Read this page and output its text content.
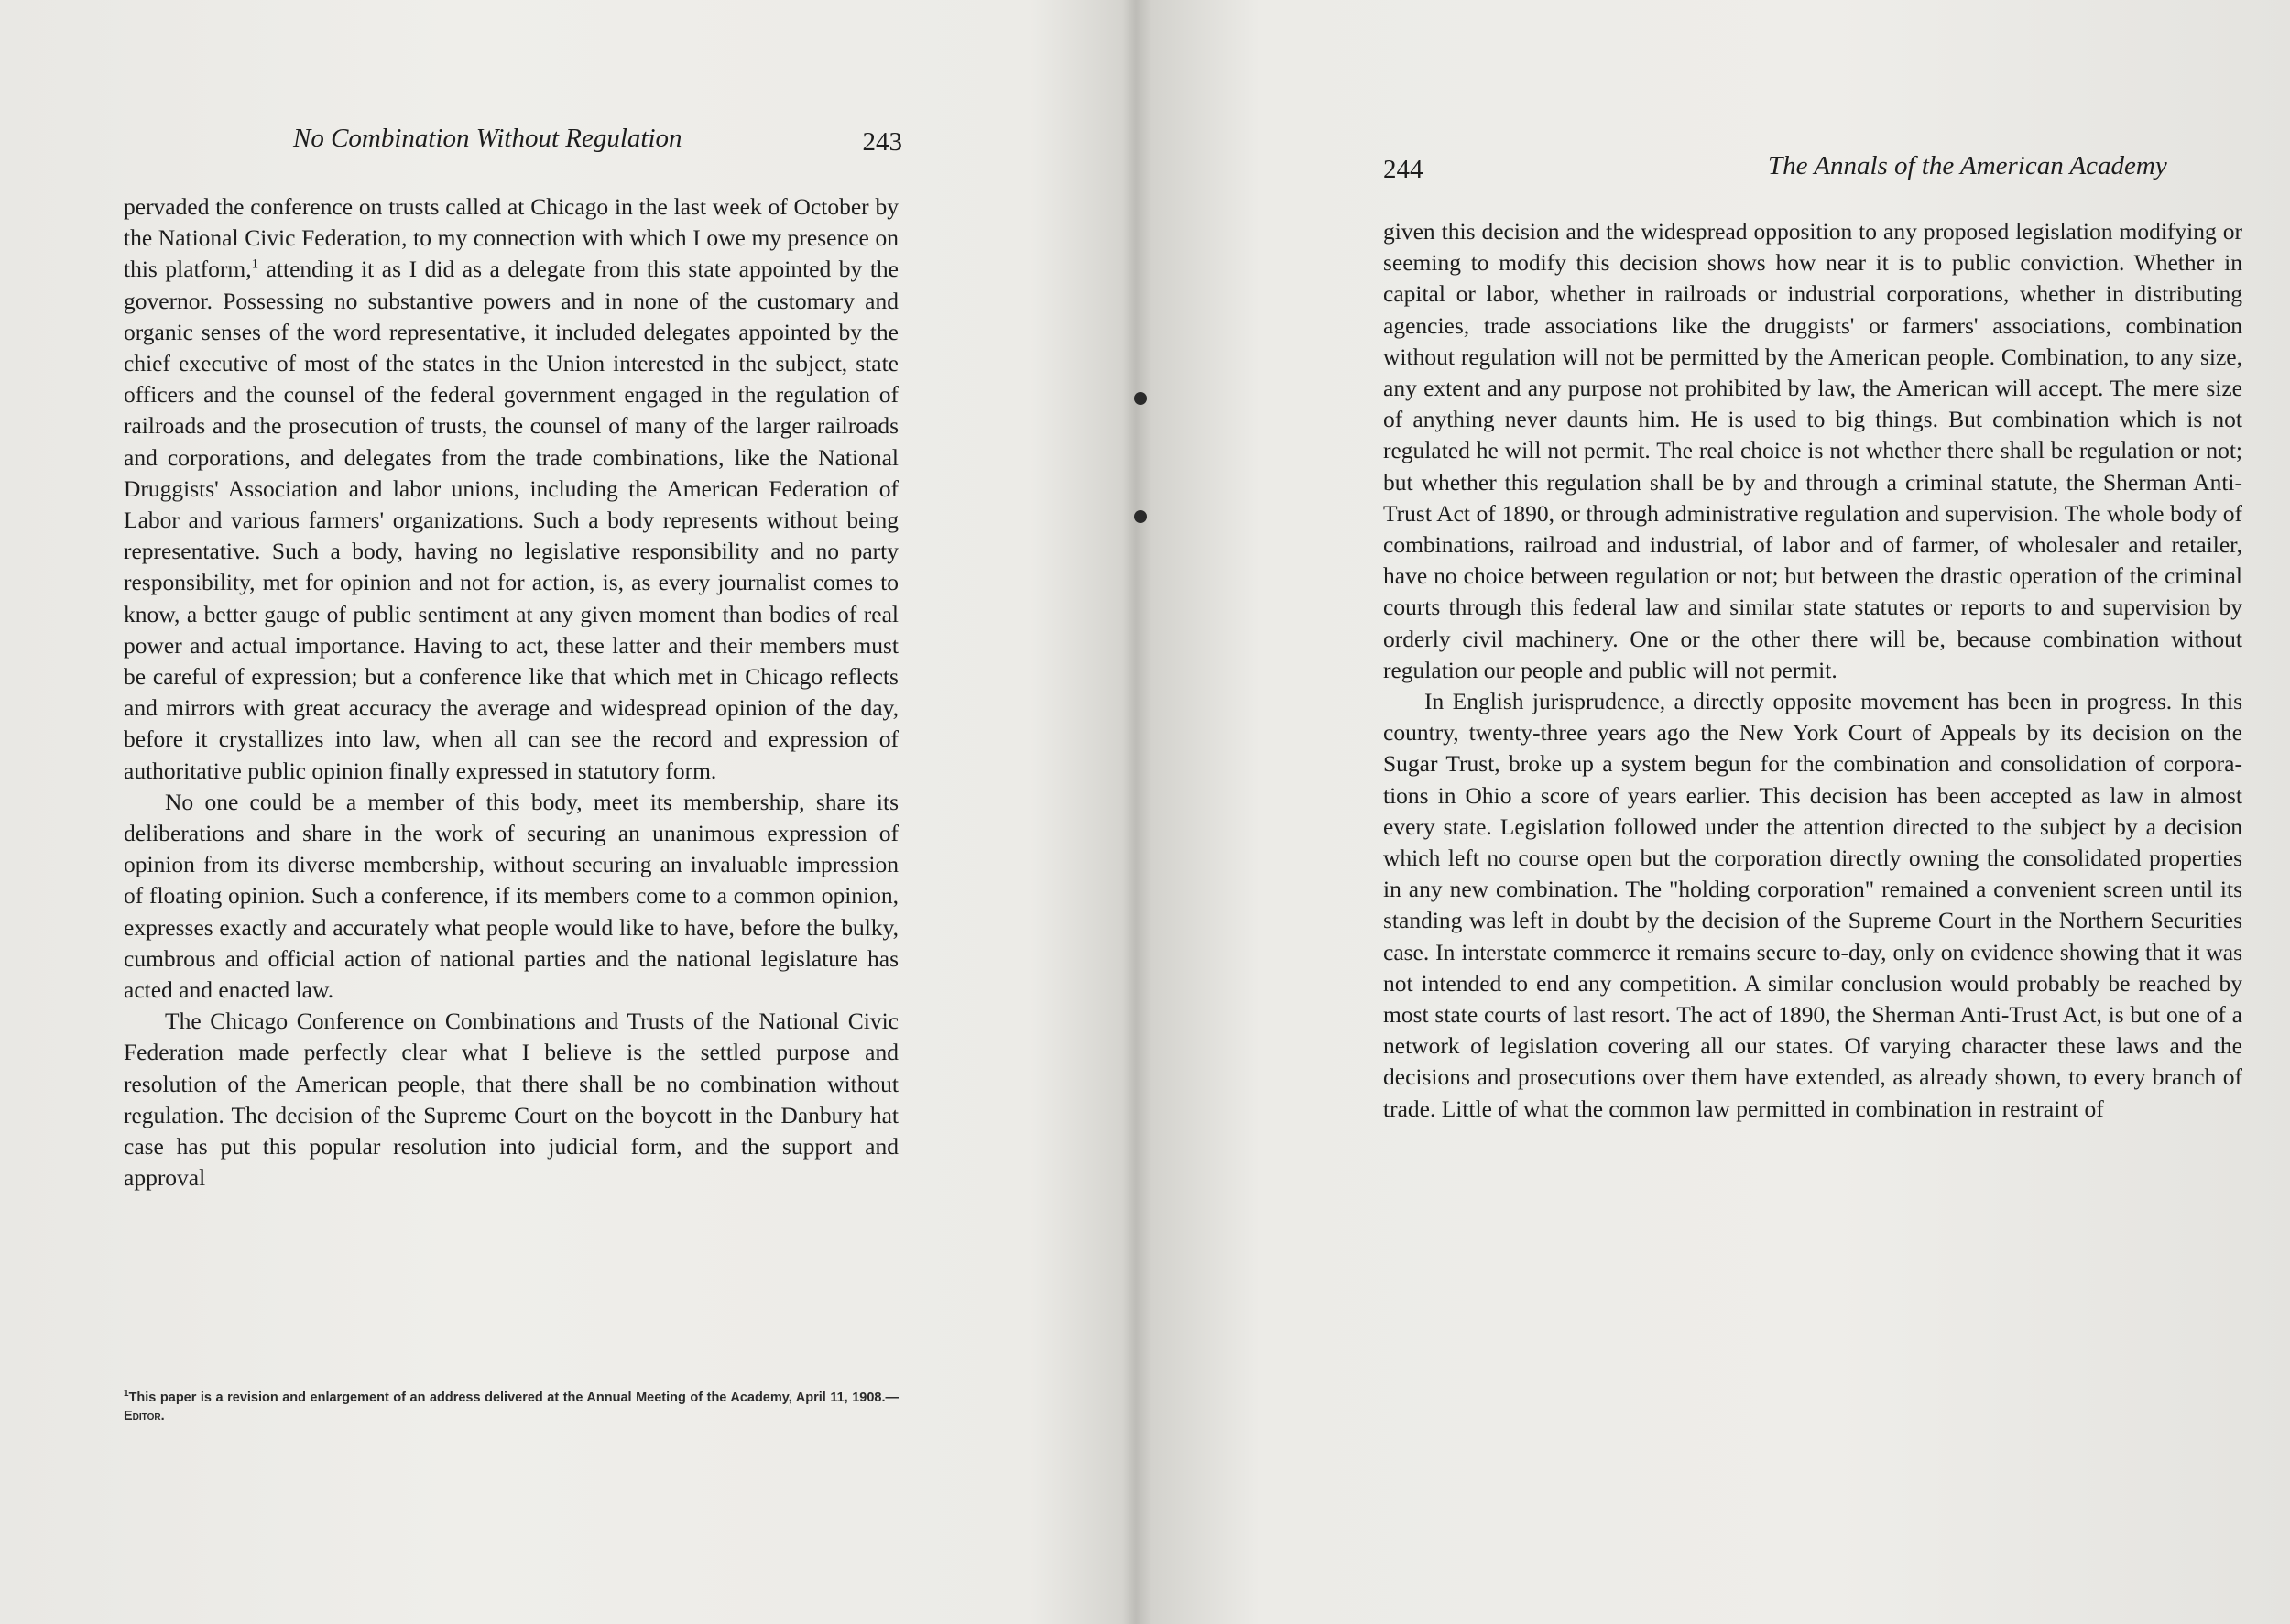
No Combination Without Regulation	243

pervaded the conference on trusts called at Chicago in the last week of October by the National Civic Federation, to my connection with which I owe my presence on this platform,$^1$ attending it as I did as a delegate from this state appointed by the governor. Possessing no substantive powers and in none of the customary and organic senses of the word representative, it included delegates appointed by the chief executive of most of the states in the Union interested in the subject, state officers and the counsel of the federal government engaged in the regulation of railroads and the prosecution of trusts, the counsel of many of the larger railroads and corporations, and delegates from the trade combinations, like the National Druggists' Association and labor unions, including the American Federation of Labor and various farmers' organizations. Such a body represents without being representative. Such a body, having no legislative responsibility and no party responsibility, met for opinion and not for action, is, as every journalist comes to know, a better gauge of public sentiment at any given moment than bodies of real power and actual importance. Having to act, these latter and their members must be careful of expression; but a conference like that which met in Chicago reflects and mirrors with great accuracy the average and widespread opinion of the day, before it crystallizes into law, when all can see the record and expression of authoritative public opinion finally expressed in statutory form.

No one could be a member of this body, meet its membership, share its deliberations and share in the work of securing an unanimous expression of opinion from its diverse membership, without securing an invaluable impression of floating opinion. Such a conference, if its members come to a common opinion, expresses exactly and accurately what people would like to have, before the bulky, cumbrous and official action of national parties and the national legislature has acted and enacted law.

The Chicago Conference on Combinations and Trusts of the National Civic Federation made perfectly clear what I believe is the settled purpose and resolution of the American people, that there shall be no combination without regulation. The decision of the Supreme Court on the boycott in the Danbury hat case has put this popular resolution into judicial form, and the support and approval

$^1$This paper is a revision and enlargement of an address delivered at the Annual Meeting of the Academy, April 11, 1908.—Editor.
244	The Annals of the American Academy

given this decision and the widespread opposition to any proposed legislation modifying or seeming to modify this decision shows how near it is to public conviction. Whether in capital or labor, whether in railroads or industrial corporations, whether in distributing agencies, trade associations like the druggists' or farmers' associations, combination without regulation will not be permitted by the American people. Combination, to any size, any extent and any purpose not prohibited by law, the American will accept. The mere size of anything never daunts him. He is used to big things. But combination which is not regulated he will not permit. The real choice is not whether there shall be regulation or not; but whether this regulation shall be by and through a criminal statute, the Sherman Anti-Trust Act of 1890, or through administrative regulation and supervision. The whole body of combinations, railroad and industrial, of labor and of farmer, of wholesaler and retailer, have no choice between regulation or not; but between the drastic operation of the criminal courts through this federal law and similar state statutes or reports to and supervision by orderly civil machinery. One or the other there will be, because combination without regulation our people and public will not permit.

In English jurisprudence, a directly opposite movement has been in progress. In this country, twenty-three years ago the New York Court of Appeals by its decision on the Sugar Trust, broke up a system begun for the combination and consolidation of corporations in Ohio a score of years earlier. This decision has been accepted as law in almost every state. Legislation followed under the attention directed to the subject by a decision which left no course open but the corporation directly owning the consolidated properties in any new combination. The "holding corporation" remained a convenient screen until its standing was left in doubt by the decision of the Supreme Court in the Northern Securities case. In interstate commerce it remains secure to-day, only on evidence showing that it was not intended to end any competition. A similar conclusion would probably be reached by most state courts of last resort. The act of 1890, the Sherman Anti-Trust Act, is but one of a network of legislation covering all our states. Of varying character these laws and the decisions and prosecutions over them have extended, as already shown, to every branch of trade. Little of what the common law permitted in combination in restraint of
